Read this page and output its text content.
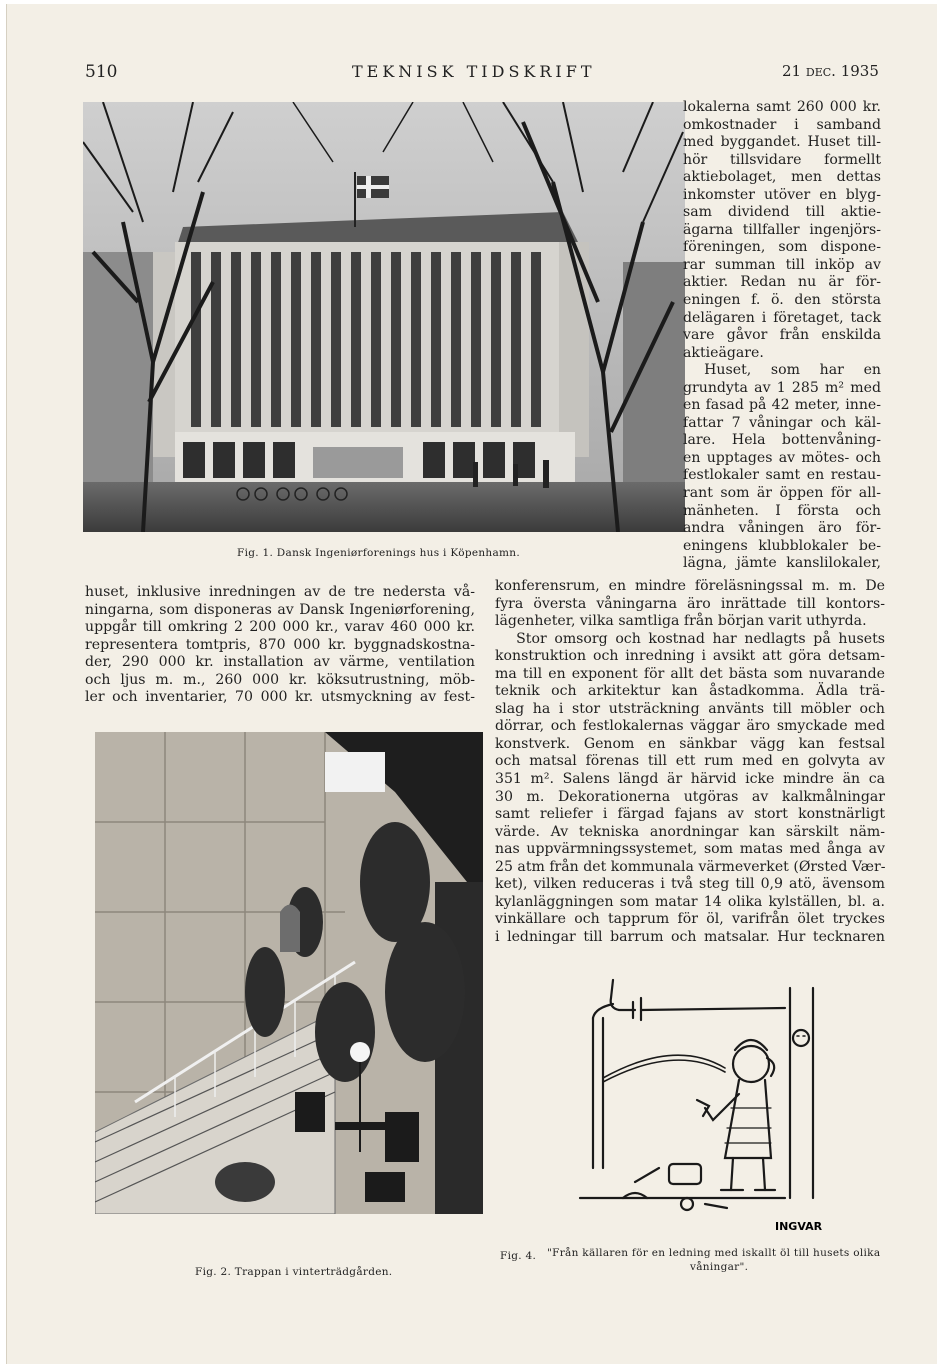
510	TEKNISK TIDSKRIFT	21 dec. 1935
Fig. 1. Dansk Ingeniørforenings hus i Köpenhamn.
lokalerna samt 260 000 kr.
omkostnader i samband
med byggandet. Huset till-
hör tillsvidare formellt
aktiebolaget, men dettas
inkomster utöver en blyg-
sam dividend till aktie-
ägarna tillfaller ingenjörs-
föreningen, som dispone-
rar summan till inköp av
aktier. Redan nu är för-
eningen f. ö. den största
delägaren i företaget, tack
vare gåvor från enskilda
aktieägare.
Huset, som har en
grundyta av 1 285 m² med
en fasad på 42 meter, inne-
fattar 7 våningar och käl-
lare. Hela bottenvåning-
en upptages av mötes- och
festlokaler samt en restau-
rant som är öppen för all-
mänheten. I första och
andra våningen äro för-
eningens klubblokaler be-
lägna, jämte kanslilokaler,
huset, inklusive inredningen av de tre nedersta vå-
ningarna, som disponeras av Dansk Ingeniørforening,
uppgår till omkring 2 200 000 kr., varav 460 000 kr.
representera tomtpris, 870 000 kr. byggnadskostna-
der, 290 000 kr. installation av värme, ventilation
och ljus m. m., 260 000 kr. köksutrustning, möb-
ler och inventarier, 70 000 kr. utsmyckning av fest-
konferensrum, en mindre föreläsningssal m. m. De
fyra översta våningarna äro inrättade till kontors-
lägenheter, vilka samtliga från början varit uthyrda.
Stor omsorg och kostnad har nedlagts på husets
konstruktion och inredning i avsikt att göra detsam-
ma till en exponent för allt det bästa som nuvarande
teknik och arkitektur kan åstadkomma. Ädla trä-
slag ha i stor utsträckning använts till möbler och
dörrar, och festlokalernas väggar äro smyckade med
konstverk. Genom en sänkbar vägg kan festsal
och matsal förenas till ett rum med en golvyta av
351 m². Salens längd är härvid icke mindre än ca
30 m. Dekorationerna utgöras av kalkmålningar
samt reliefer i färgad fajans av stort konstnärligt
värde. Av tekniska anordningar kan särskilt näm-
nas uppvärmningssystemet, som matas med ånga av
25 atm från det kommunala värmeverket (Ørsted Vær-
ket), vilken reduceras i två steg till 0,9 atö, ävensom
kylanläggningen som matar 14 olika kylställen, bl. a.
vinkällare och tapprum för öl, varifrån ölet tryckes
i ledningar till barrum och matsalar. Hur tecknaren
Fig. 2. Trappan i vinterträdgården.
INGVAR
Fig. 4. "Från källaren för en ledning med iskallt öl till husets olika
våningar".
